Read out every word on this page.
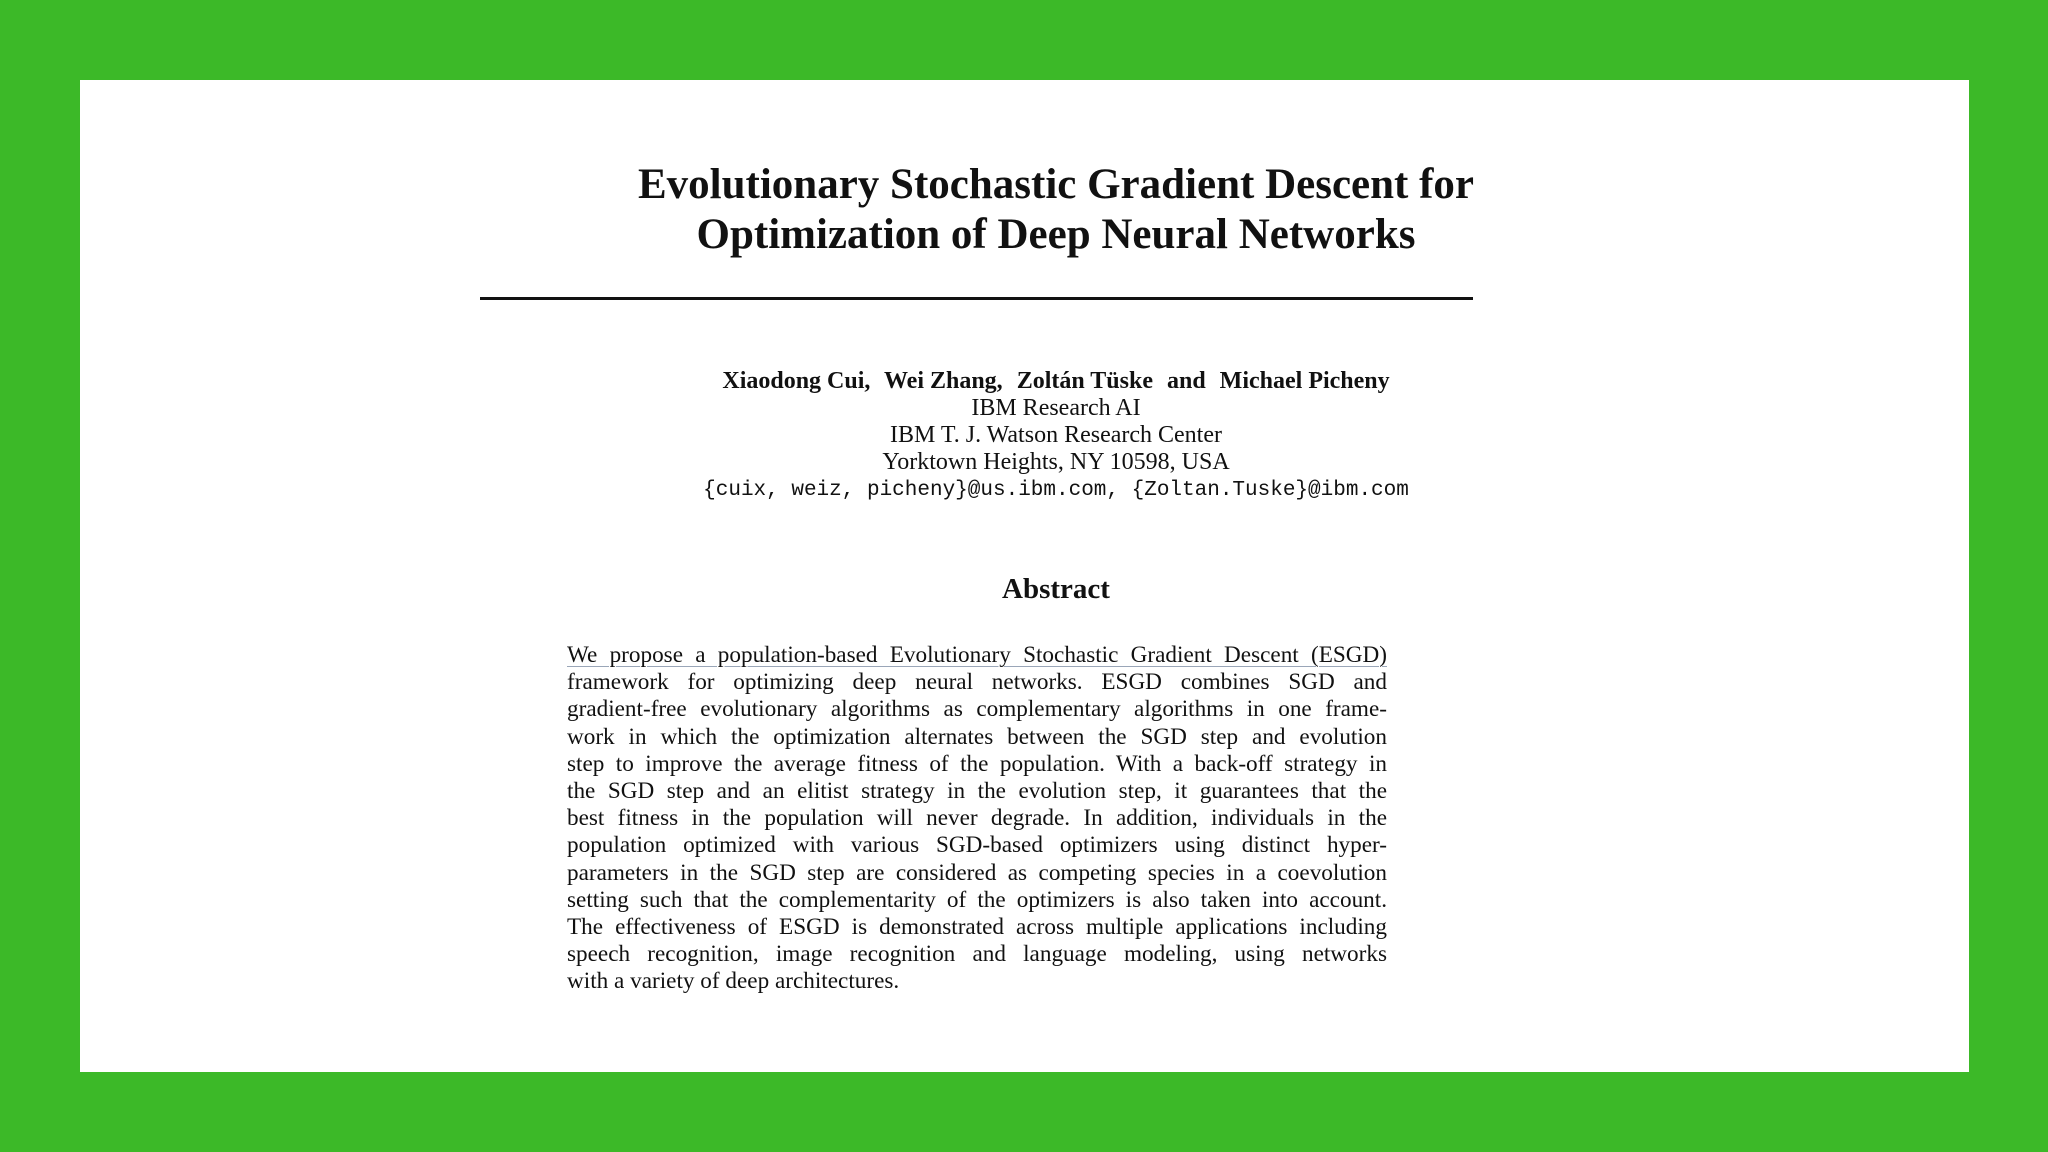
Evolutionary Stochastic Gradient Descent for
Optimization of Deep Neural Networks
Xiaodong Cui, Wei Zhang, Zoltán Tüske and Michael Picheny
IBM Research AI
IBM T. J. Watson Research Center
Yorktown Heights, NY 10598, USA
{cuix, weiz, picheny}@us.ibm.com, {Zoltan.Tuske}@ibm.com
Abstract
We propose a population-based Evolutionary Stochastic Gradient Descent (ESGD)
framework for optimizing deep neural networks. ESGD combines SGD and
gradient-free evolutionary algorithms as complementary algorithms in one frame-
work in which the optimization alternates between the SGD step and evolution
step to improve the average fitness of the population. With a back-off strategy in
the SGD step and an elitist strategy in the evolution step, it guarantees that the
best fitness in the population will never degrade. In addition, individuals in the
population optimized with various SGD-based optimizers using distinct hyper-
parameters in the SGD step are considered as competing species in a coevolution
setting such that the complementarity of the optimizers is also taken into account.
The effectiveness of ESGD is demonstrated across multiple applications including
speech recognition, image recognition and language modeling, using networks
with a variety of deep architectures.
